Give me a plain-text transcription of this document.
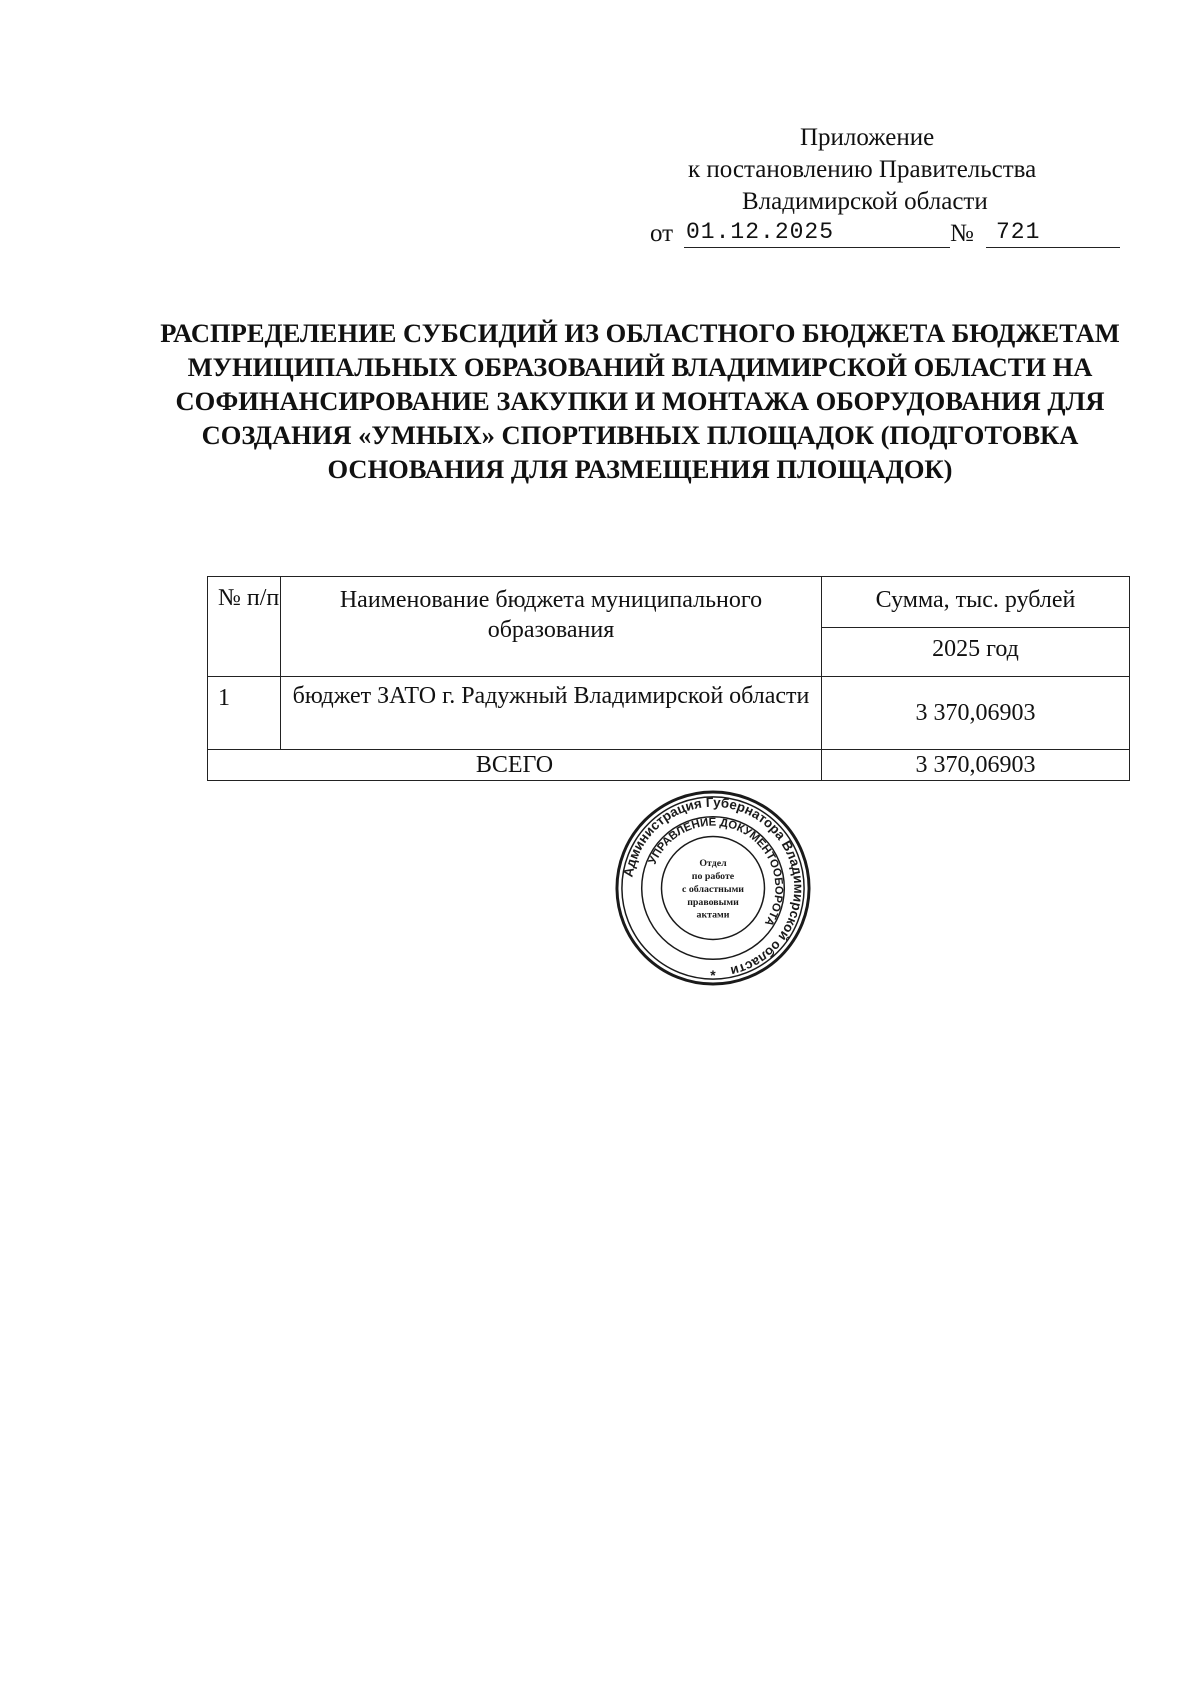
Приложение
к постановлению Правительства
Владимирской области
от 01.12.2025	№ 721
РАСПРЕДЕЛЕНИЕ СУБСИДИЙ ИЗ ОБЛАСТНОГО БЮДЖЕТА БЮДЖЕТАМ МУНИЦИПАЛЬНЫХ ОБРАЗОВАНИЙ ВЛАДИМИРСКОЙ ОБЛАСТИ НА СОФИНАНСИРОВАНИЕ ЗАКУПКИ И МОНТАЖА ОБОРУДОВАНИЯ ДЛЯ СОЗДАНИЯ «УМНЫХ» СПОРТИВНЫХ ПЛОЩАДОК (ПОДГОТОВКА ОСНОВАНИЯ ДЛЯ РАЗМЕЩЕНИЯ ПЛОЩАДОК)
№ п/п	Наименование бюджета муниципального образования	Сумма, тыс. рублей
		2025 год
1	бюджет ЗАТО г. Радужный Владимирской области	3 370,06903
ВСЕГО		3 370,06903
Администрация Губернатора Владимирской области
УПРАВЛЕНИЕ ДОКУМЕНТООБОРОТА
Отдел
по работе
с областными
правовыми
актами
*
